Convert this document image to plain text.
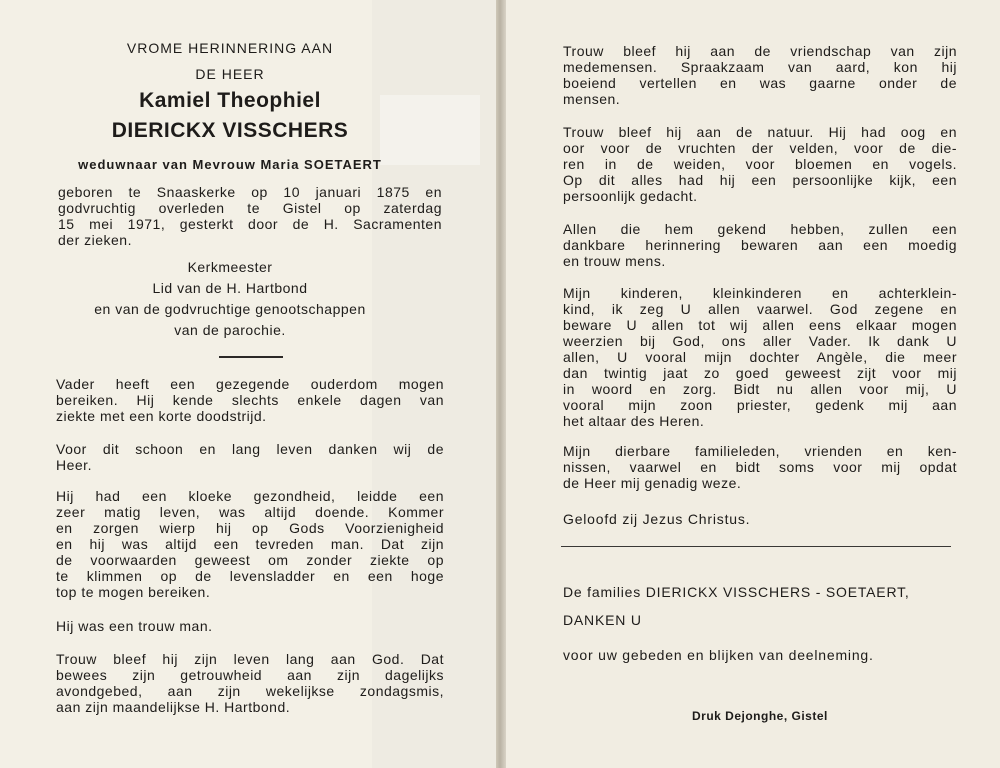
VROME HERINNERING AAN
DE HEER
Kamiel Theophiel
DIERICKX VISSCHERS
weduwnaar van Mevrouw Maria SOETAERT
geboren te Snaaskerke op 10 januari 1875 en
godvruchtig overleden te Gistel op zaterdag
15 mei 1971, gesterkt door de H. Sacramenten
der zieken.
Kerkmeester
Lid van de H. Hartbond
en van de godvruchtige genootschappen
van de parochie.
Vader heeft een gezegende ouderdom mogen
bereiken. Hij kende slechts enkele dagen van
ziekte met een korte doodstrijd.
Voor dit schoon en lang leven danken wij de
Heer.
Hij had een kloeke gezondheid, leidde een
zeer matig leven, was altijd doende. Kommer
en zorgen wierp hij op Gods Voorzienigheid
en hij was altijd een tevreden man. Dat zijn
de voorwaarden geweest om zonder ziekte op
te klimmen op de levensladder en een hoge
top te mogen bereiken.
Hij was een trouw man.
Trouw bleef hij zijn leven lang aan God. Dat
bewees zijn getrouwheid aan zijn dagelijks
avondgebed, aan zijn wekelijkse zondagsmis,
aan zijn maandelijkse H. Hartbond.
Trouw bleef hij aan de vriendschap van zijn
medemensen. Spraakzaam van aard, kon hij
boeiend vertellen en was gaarne onder de
mensen.
Trouw bleef hij aan de natuur. Hij had oog en
oor voor de vruchten der velden, voor de die-
ren in de weiden, voor bloemen en vogels.
Op dit alles had hij een persoonlijke kijk, een
persoonlijk gedacht.
Allen die hem gekend hebben, zullen een
dankbare herinnering bewaren aan een moedig
en trouw mens.
Mijn kinderen, kleinkinderen en achterklein-
kind, ik zeg U allen vaarwel. God zegene en
beware U allen tot wij allen eens elkaar mogen
weerzien bij God, ons aller Vader. Ik dank U
allen, U vooral mijn dochter Angèle, die meer
dan twintig jaat zo goed geweest zijt voor mij
in woord en zorg. Bidt nu allen voor mij, U
vooral mijn zoon priester, gedenk mij aan
het altaar des Heren.
Mijn dierbare familieleden, vrienden en ken-
nissen, vaarwel en bidt soms voor mij opdat
de Heer mij genadig weze.
Geloofd zij Jezus Christus.
De families DIERICKX VISSCHERS - SOETAERT,
DANKEN U
voor uw gebeden en blijken van deelneming.
Druk Dejonghe, Gistel
